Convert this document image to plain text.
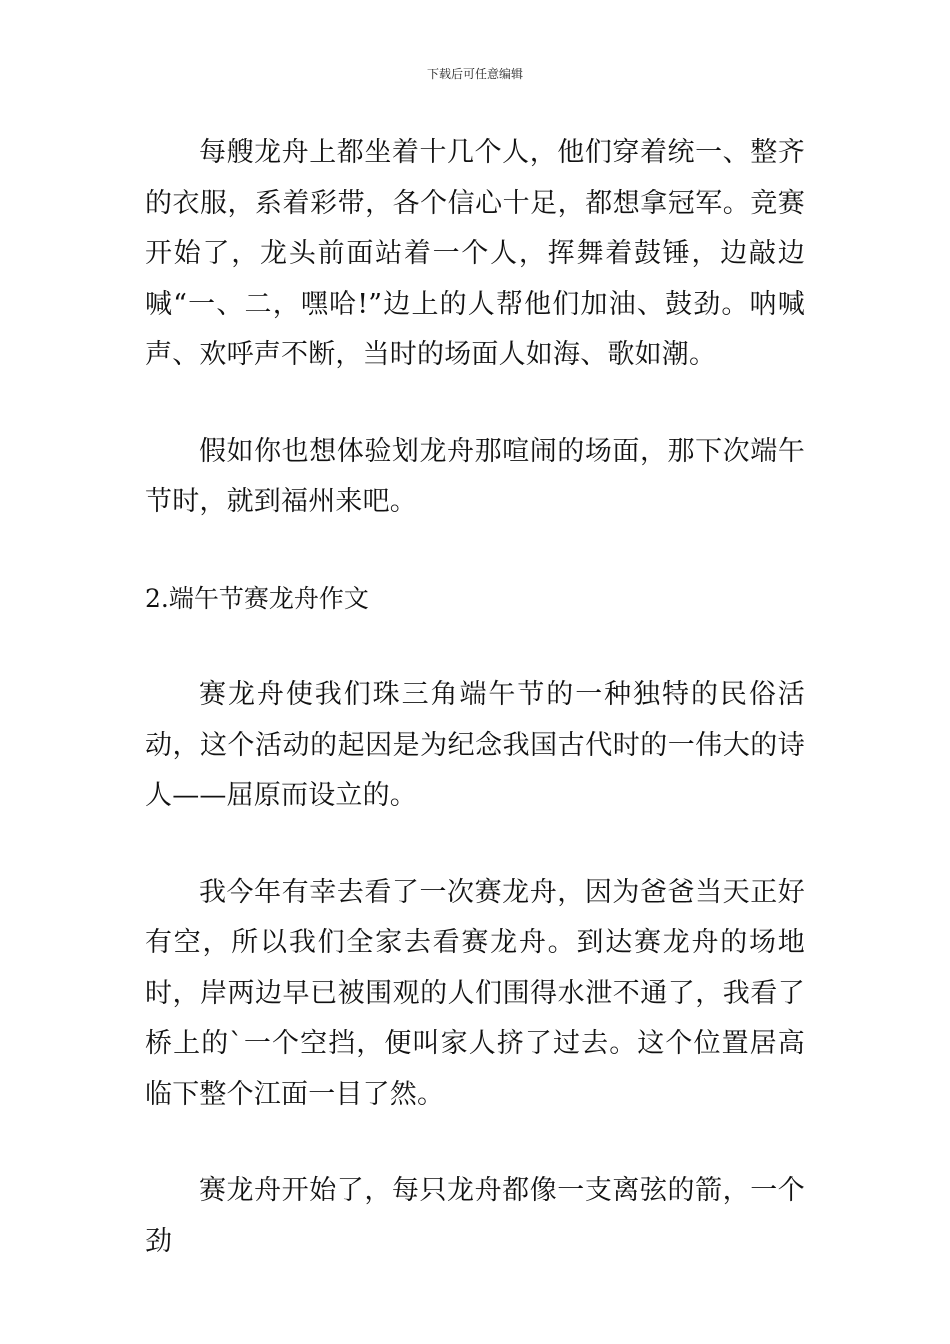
下载后可任意编辑

每艘龙舟上都坐着十几个人，他们穿着统一、整齐的衣服，系着彩带，各个信心十足，都想拿冠军。竞赛开始了，龙头前面站着一个人，挥舞着鼓锤，边敲边喊“一、二，嘿哈!”边上的人帮他们加油、鼓劲。呐喊声、欢呼声不断，当时的场面人如海、歌如潮。

假如你也想体验划龙舟那喧闹的场面，那下次端午节时，就到福州来吧。

2.端午节赛龙舟作文

赛龙舟使我们珠三角端午节的一种独特的民俗活动，这个活动的起因是为纪念我国古代时的一伟大的诗人——屈原而设立的。

我今年有幸去看了一次赛龙舟，因为爸爸当天正好有空，所以我们全家去看赛龙舟。到达赛龙舟的场地时，岸两边早已被围观的人们围得水泄不通了，我看了桥上的`一个空挡，便叫家人挤了过去。这个位置居高临下整个江面一目了然。

赛龙舟开始了，每只龙舟都像一支离弦的箭，一个劲
